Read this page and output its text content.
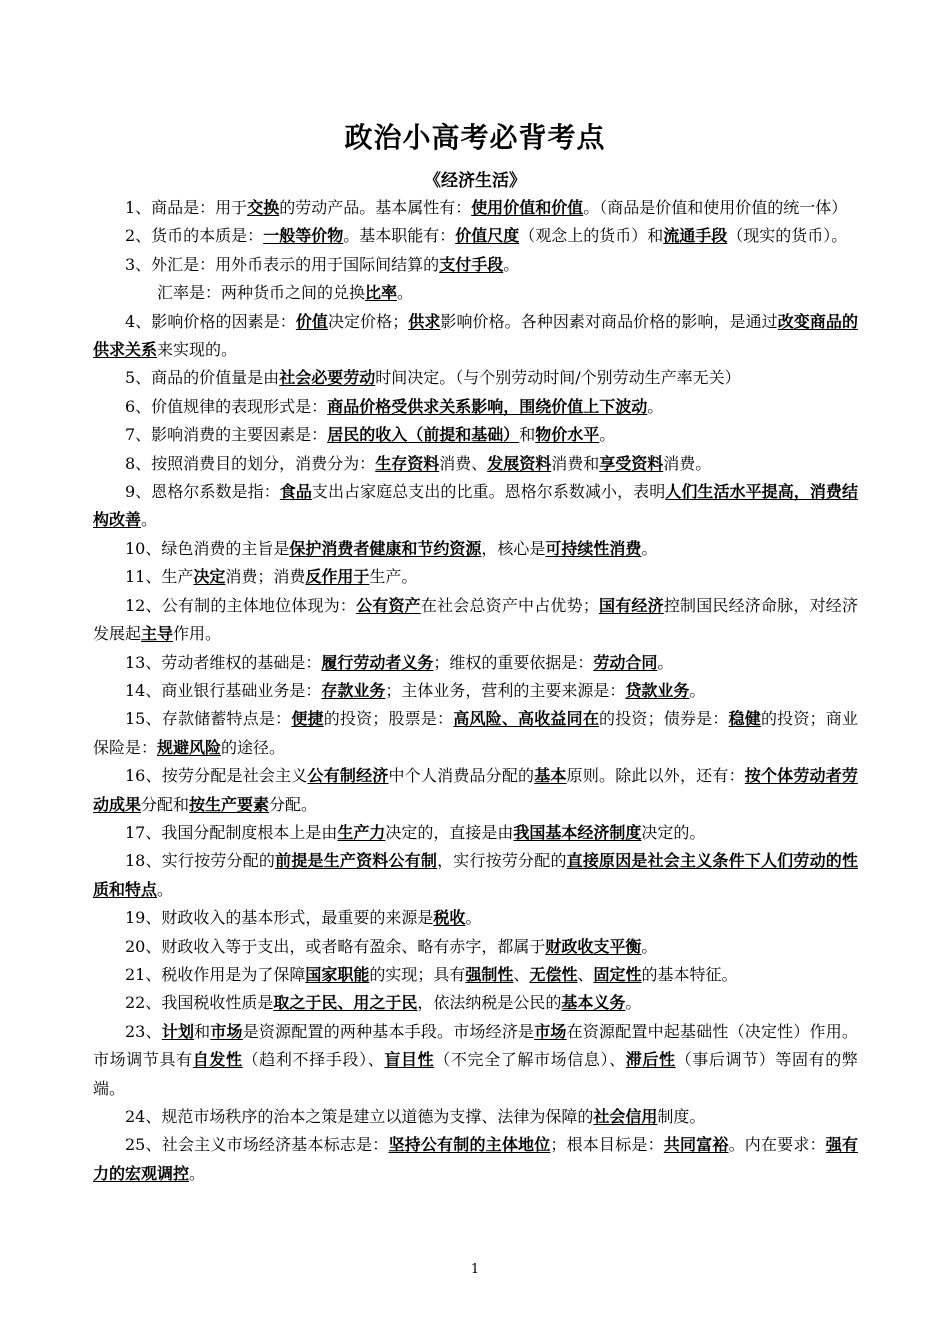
政治小高考必背考点
《经济生活》

1、商品是：用于交换的劳动产品。基本属性有：使用价值和价值。（商品是价值和使用价值的统一体）

2、货币的本质是：一般等价物。基本职能有：价值尺度（观念上的货币）和流通手段（现实的货币）。

3、外汇是：用外币表示的用于国际间结算的支付手段。

汇率是：两种货币之间的兑换比率。

4、影响价格的因素是：价值决定价格；供求影响价格。各种因素对商品价格的影响，是通过改变商品的供求关系来实现的。

5、商品的价值量是由社会必要劳动时间决定。（与个别劳动时间/个别劳动生产率无关）

6、价值规律的表现形式是：商品价格受供求关系影响，围绕价值上下波动。

7、影响消费的主要因素是：居民的收入（前提和基础）和物价水平。

8、按照消费目的划分，消费分为：生存资料消费、发展资料消费和享受资料消费。

9、恩格尔系数是指：食品支出占家庭总支出的比重。恩格尔系数减小，表明人们生活水平提高，消费结构改善。

10、绿色消费的主旨是保护消费者健康和节约资源，核心是可持续性消费。

11、生产决定消费；消费反作用于生产。

12、公有制的主体地位体现为：公有资产在社会总资产中占优势；国有经济控制国民经济命脉，对经济发展起主导作用。

13、劳动者维权的基础是：履行劳动者义务；维权的重要依据是：劳动合同。

14、商业银行基础业务是：存款业务；主体业务，营利的主要来源是：贷款业务。

15、存款储蓄特点是：便捷的投资；股票是：高风险、高收益同在的投资；债券是：稳健的投资；商业保险是：规避风险的途径。

16、按劳分配是社会主义公有制经济中个人消费品分配的基本原则。除此以外，还有：按个体劳动者劳动成果分配和按生产要素分配。

17、我国分配制度根本上是由生产力决定的，直接是由我国基本经济制度决定的。

18、实行按劳分配的前提是生产资料公有制，实行按劳分配的直接原因是社会主义条件下人们劳动的性质和特点。

19、财政收入的基本形式，最重要的来源是税收。

20、财政收入等于支出，或者略有盈余、略有赤字，都属于财政收支平衡。

21、税收作用是为了保障国家职能的实现；具有强制性、无偿性、固定性的基本特征。

22、我国税收性质是取之于民、用之于民，依法纳税是公民的基本义务。

23、计划和市场是资源配置的两种基本手段。市场经济是市场在资源配置中起基础性（决定性）作用。市场调节具有自发性（趋利不择手段）、盲目性（不完全了解市场信息）、滞后性（事后调节）等固有的弊端。

24、规范市场秩序的治本之策是建立以道德为支撑、法律为保障的社会信用制度。

25、社会主义市场经济基本标志是：坚持公有制的主体地位；根本目标是：共同富裕。内在要求：强有力的宏观调控。

1
